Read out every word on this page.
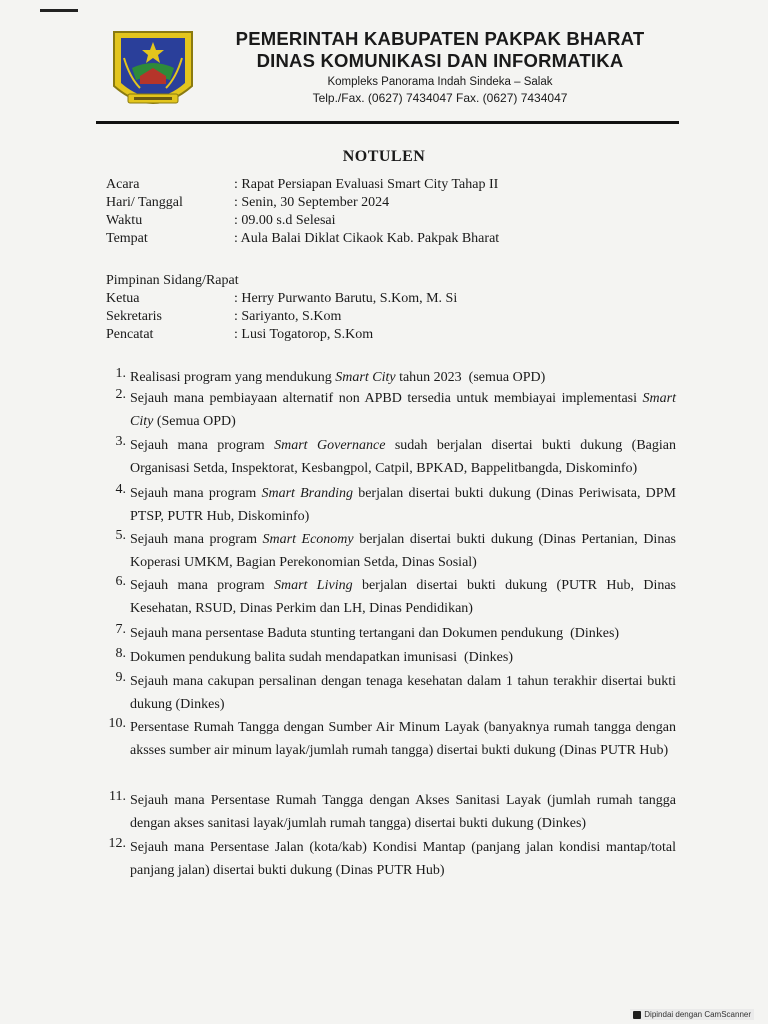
PEMERINTAH KABUPATEN PAKPAK BHARAT
DINAS KOMUNIKASI DAN INFORMATIKA
Kompleks Panorama Indah Sindeka – Salak
Telp./Fax. (0627) 7434047 Fax. (0627) 7434047
NOTULEN
Acara	: Rapat Persiapan Evaluasi Smart City Tahap II
Hari/ Tanggal	: Senin, 30 September 2024
Waktu	: 09.00 s.d Selesai
Tempat	: Aula Balai Diklat Cikaok Kab. Pakpak Bharat
Pimpinan Sidang/Rapat
Ketua	: Herry Purwanto Barutu, S.Kom, M. Si
Sekretaris	: Sariyanto, S.Kom
Pencatat	: Lusi Togatorop, S.Kom
1. Realisasi program yang mendukung Smart City tahun 2023  (semua OPD)
2. Sejauh mana pembiayaan alternatif non APBD tersedia untuk membiayai implementasi Smart City (Semua OPD)
3. Sejauh mana program Smart Governance sudah berjalan disertai bukti dukung (Bagian Organisasi Setda, Inspektorat, Kesbangpol, Catpil, BPKAD, Bappelitbangda, Diskominfo)
4. Sejauh mana program Smart Branding berjalan disertai bukti dukung (Dinas Periwisata, DPM PTSP, PUTR Hub, Diskominfo)
5. Sejauh mana program Smart Economy berjalan disertai bukti dukung (Dinas Pertanian, Dinas Koperasi UMKM, Bagian Perekonomian Setda, Dinas Sosial)
6. Sejauh mana program Smart Living berjalan disertai bukti dukung (PUTR Hub, Dinas Kesehatan, RSUD, Dinas Perkim dan LH, Dinas Pendidikan)
7. Sejauh mana persentase Baduta stunting tertangani dan Dokumen pendukung  (Dinkes)
8. Dokumen pendukung balita sudah mendapatkan imunisasi  (Dinkes)
9. Sejauh mana cakupan persalinan dengan tenaga kesehatan dalam 1 tahun terakhir disertai bukti dukung (Dinkes)
10. Persentase Rumah Tangga dengan Sumber Air Minum Layak (banyaknya rumah tangga dengan aksses sumber air minum layak/jumlah rumah tangga) disertai bukti dukung (Dinas PUTR Hub)
11. Sejauh mana Persentase Rumah Tangga dengan Akses Sanitasi Layak (jumlah rumah tangga dengan akses sanitasi layak/jumlah rumah tangga) disertai bukti dukung (Dinkes)
12. Sejauh mana Persentase Jalan (kota/kab) Kondisi Mantap (panjang jalan kondisi mantap/total panjang jalan) disertai bukti dukung (Dinas PUTR Hub)
Dipindai dengan CamScanner
